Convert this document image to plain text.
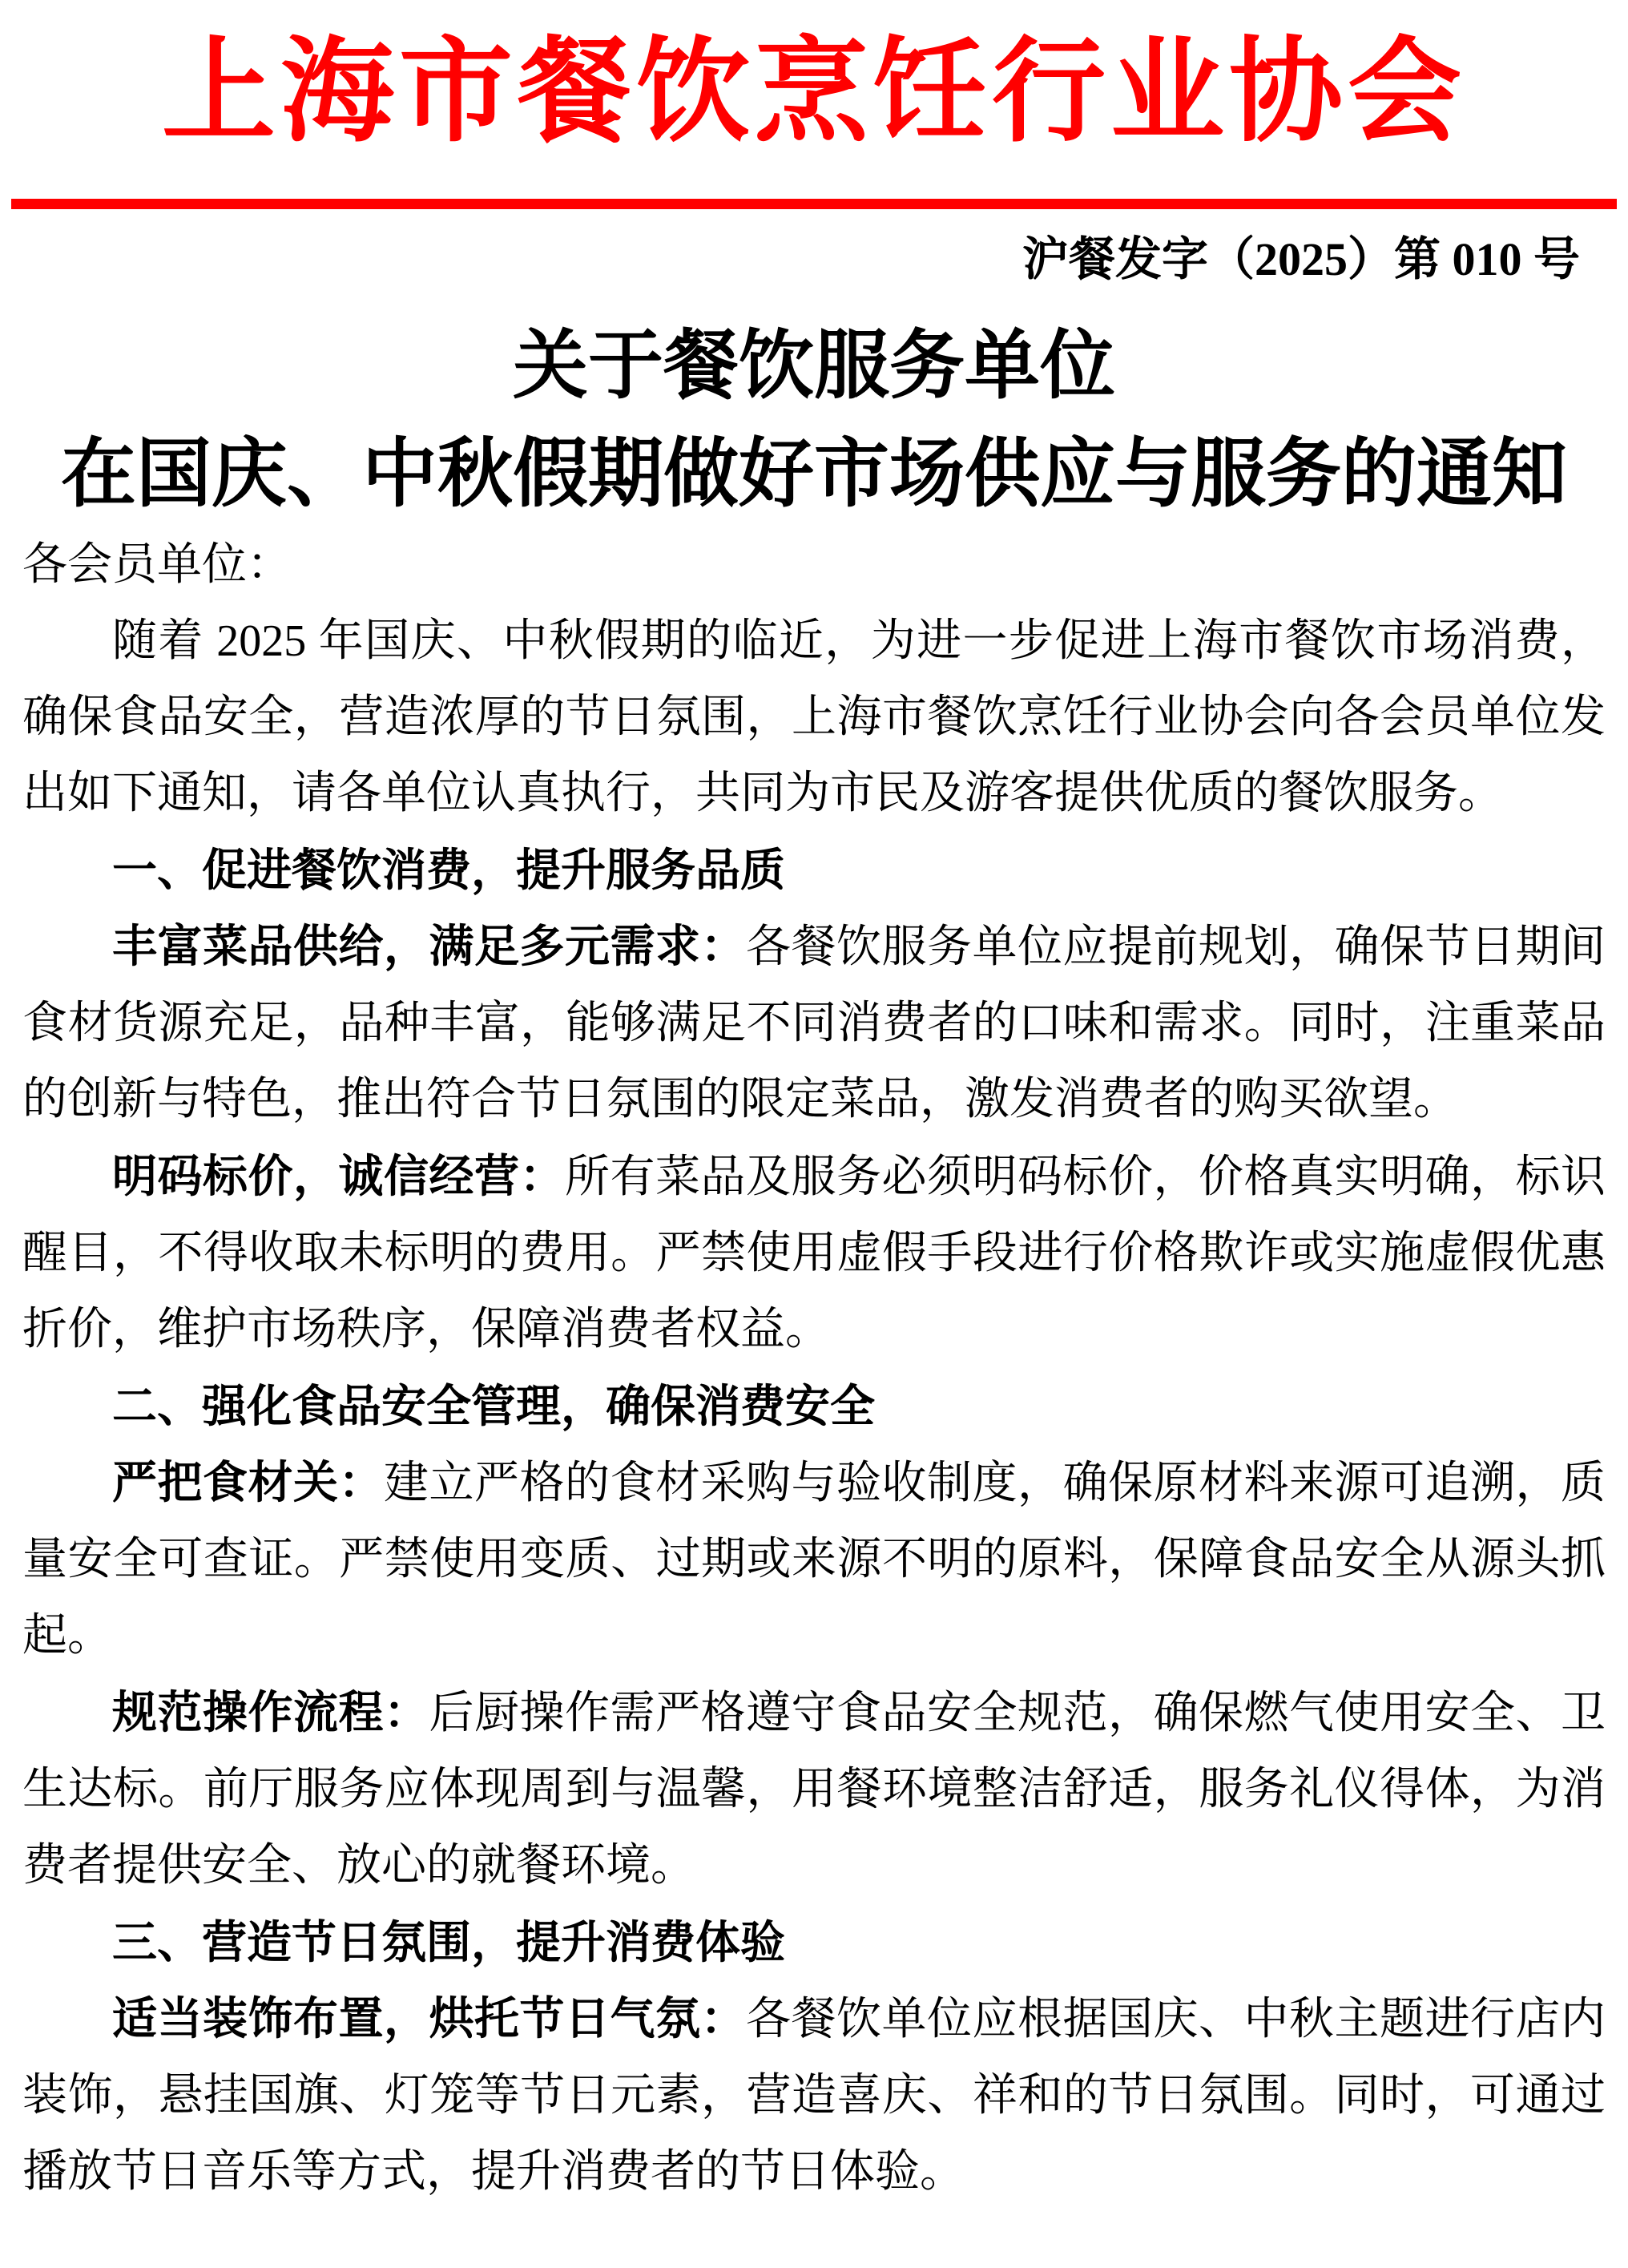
上海市餐饮烹饪行业协会
沪餐发字（2025）第 010 号
关于餐饮服务单位
在国庆、中秋假期做好市场供应与服务的通知

各会员单位：

随着 2025 年国庆、中秋假期的临近，为进一步促进上海市餐饮市场消费，确保食品安全，营造浓厚的节日氛围，上海市餐饮烹饪行业协会向各会员单位发出如下通知，请各单位认真执行，共同为市民及游客提供优质的餐饮服务。

一、促进餐饮消费，提升服务品质

丰富菜品供给，满足多元需求：各餐饮服务单位应提前规划，确保节日期间食材货源充足，品种丰富，能够满足不同消费者的口味和需求。同时，注重菜品的创新与特色，推出符合节日氛围的限定菜品，激发消费者的购买欲望。

明码标价，诚信经营：所有菜品及服务必须明码标价，价格真实明确，标识醒目，不得收取未标明的费用。严禁使用虚假手段进行价格欺诈或实施虚假优惠折价，维护市场秩序，保障消费者权益。

二、强化食品安全管理，确保消费安全

严把食材关：建立严格的食材采购与验收制度，确保原材料来源可追溯，质量安全可查证。严禁使用变质、过期或来源不明的原料，保障食品安全从源头抓起。

规范操作流程：后厨操作需严格遵守食品安全规范，确保燃气使用安全、卫生达标。前厅服务应体现周到与温馨，用餐环境整洁舒适，服务礼仪得体，为消费者提供安全、放心的就餐环境。

三、营造节日氛围，提升消费体验

适当装饰布置，烘托节日气氛：各餐饮单位应根据国庆、中秋主题进行店内装饰，悬挂国旗、灯笼等节日元素，营造喜庆、祥和的节日氛围。同时，可通过播放节日音乐等方式，提升消费者的节日体验。
